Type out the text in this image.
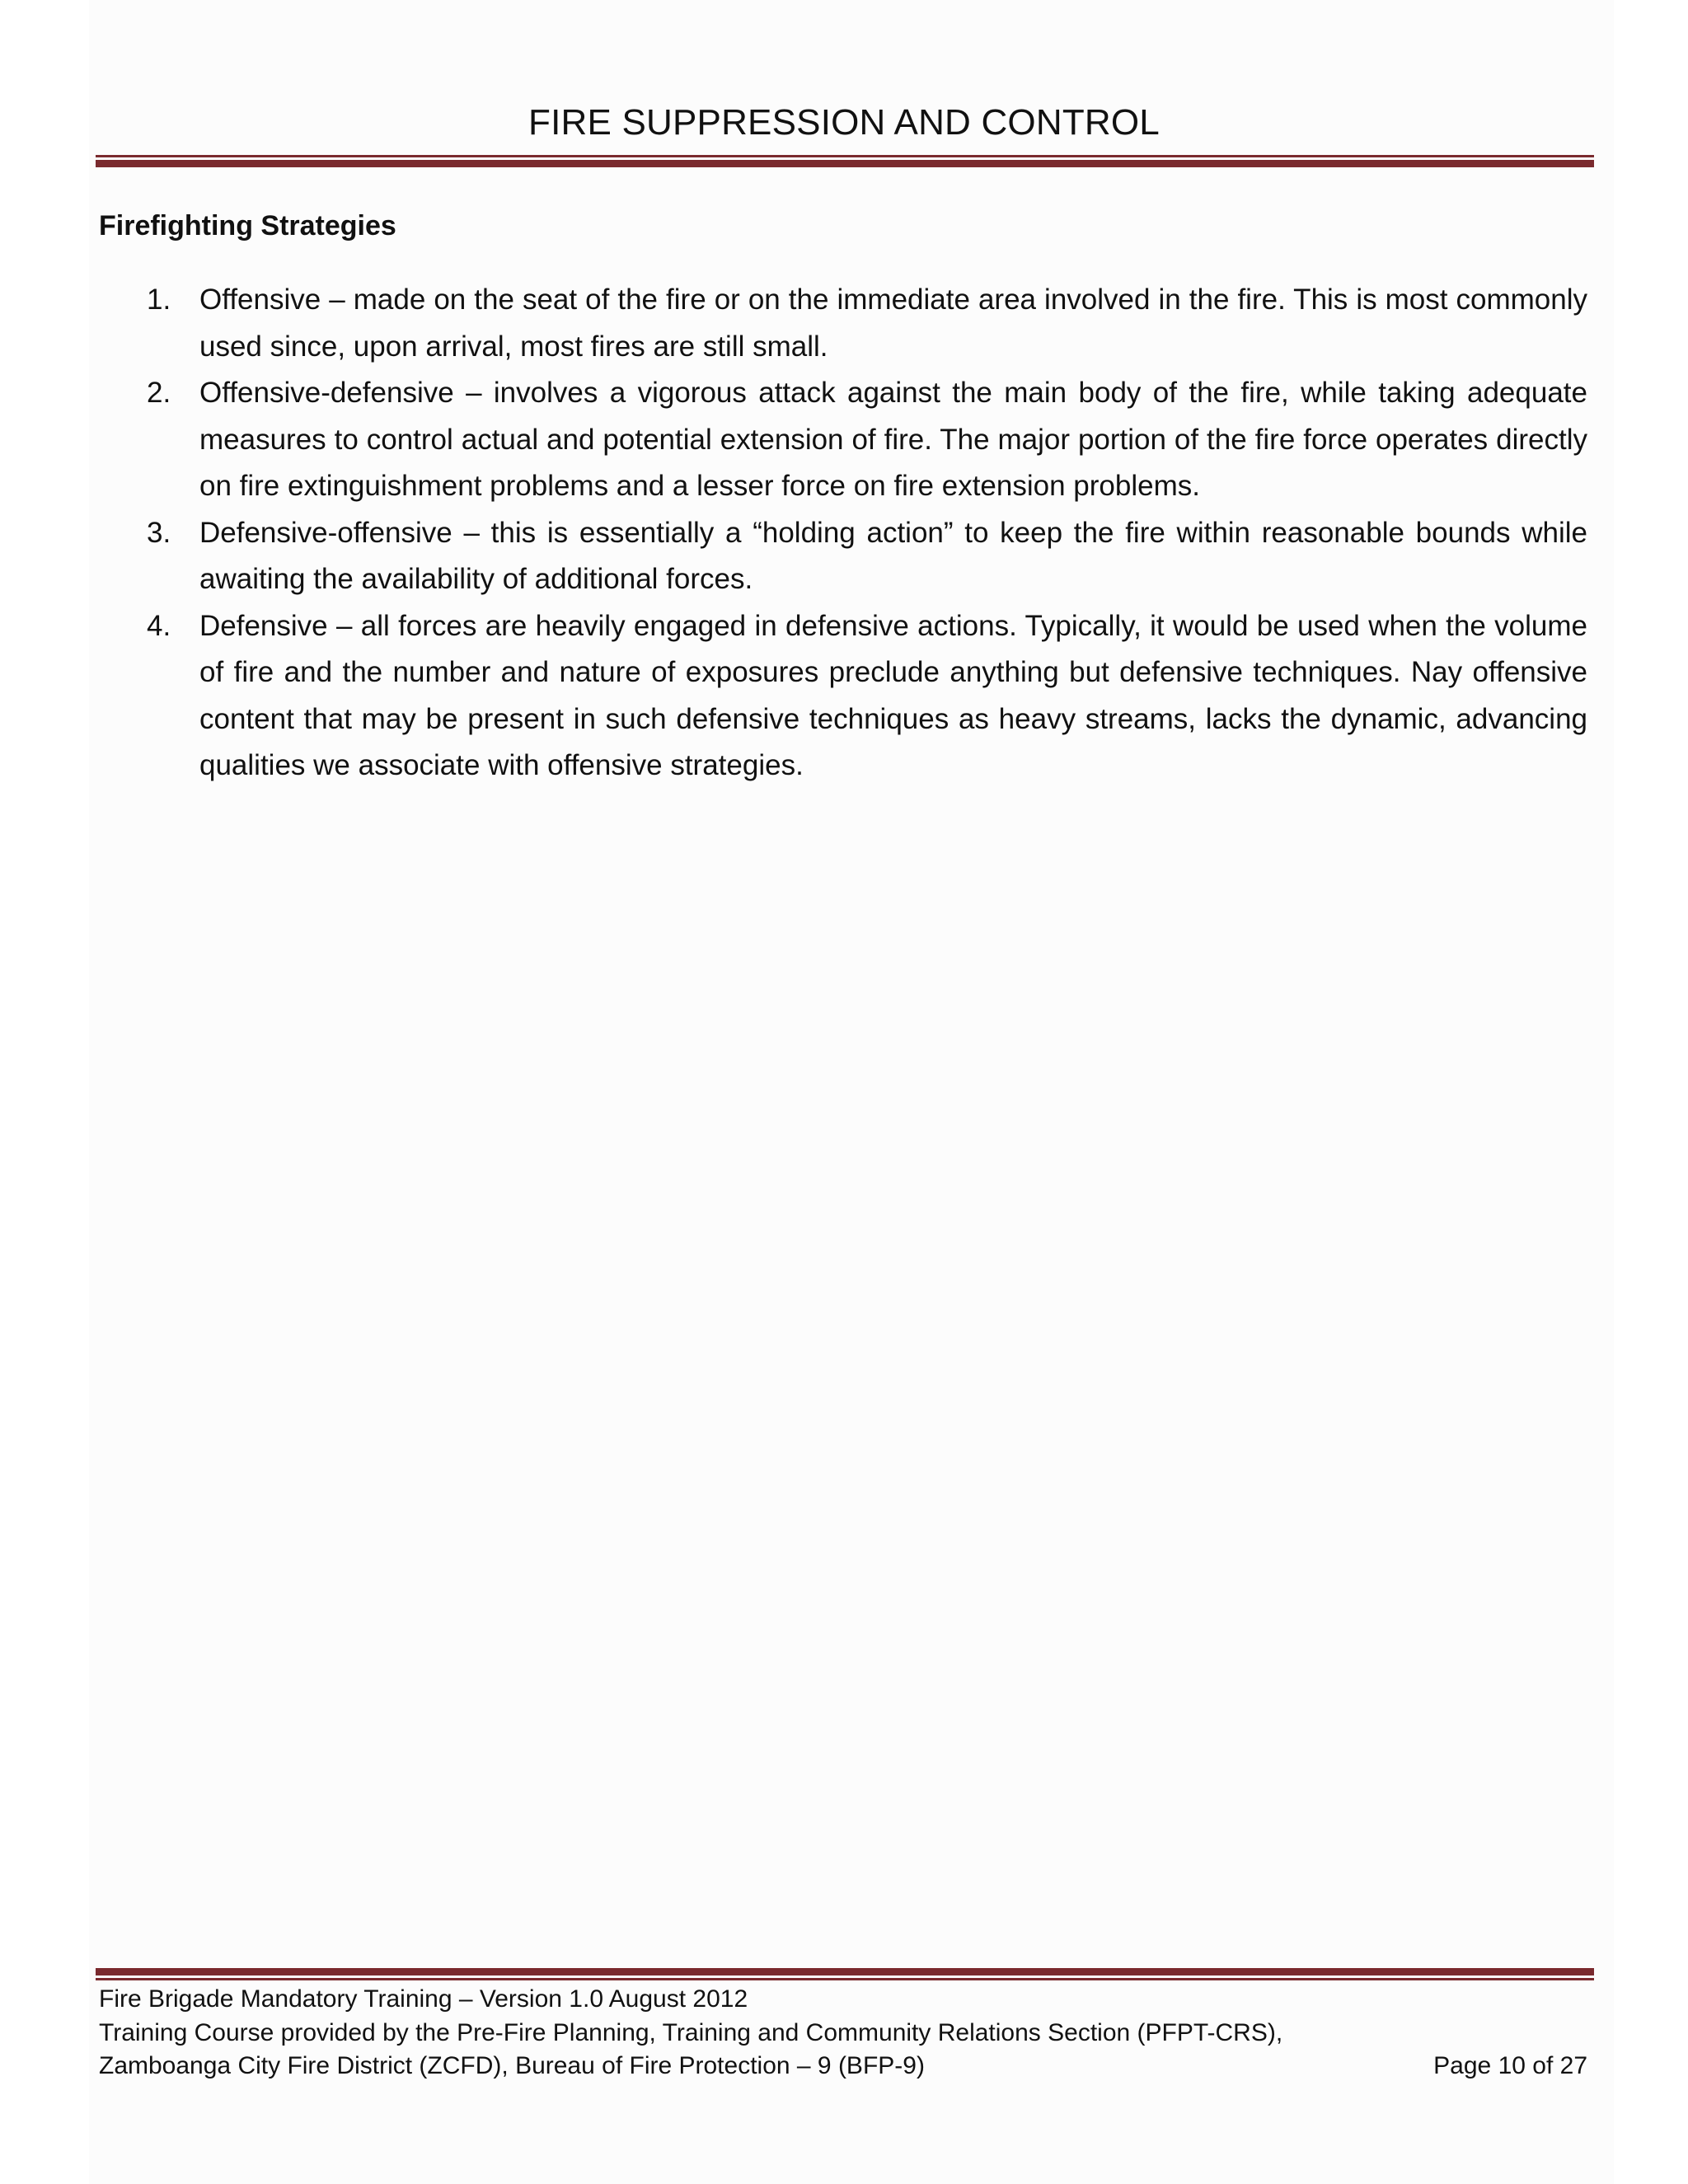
FIRE SUPPRESSION AND CONTROL
Firefighting Strategies
1. Offensive – made on the seat of the fire or on the immediate area involved in the fire. This is most commonly used since, upon arrival, most fires are still small.
2. Offensive-defensive – involves a vigorous attack against the main body of the fire, while taking adequate measures to control actual and potential extension of fire. The major portion of the fire force operates directly on fire extinguishment problems and a lesser force on fire extension problems.
3. Defensive-offensive – this is essentially a “holding action” to keep the fire within reasonable bounds while awaiting the availability of additional forces.
4. Defensive – all forces are heavily engaged in defensive actions. Typically, it would be used when the volume of fire and the number and nature of exposures preclude anything but defensive techniques. Nay offensive content that may be present in such defensive techniques as heavy streams, lacks the dynamic, advancing qualities we associate with offensive strategies.
Fire Brigade Mandatory Training – Version 1.0 August 2012
Training Course provided by the Pre-Fire Planning, Training and Community Relations Section (PFPT-CRS),
Zamboanga City Fire District (ZCFD), Bureau of Fire Protection – 9 (BFP-9)	Page 10 of 27
